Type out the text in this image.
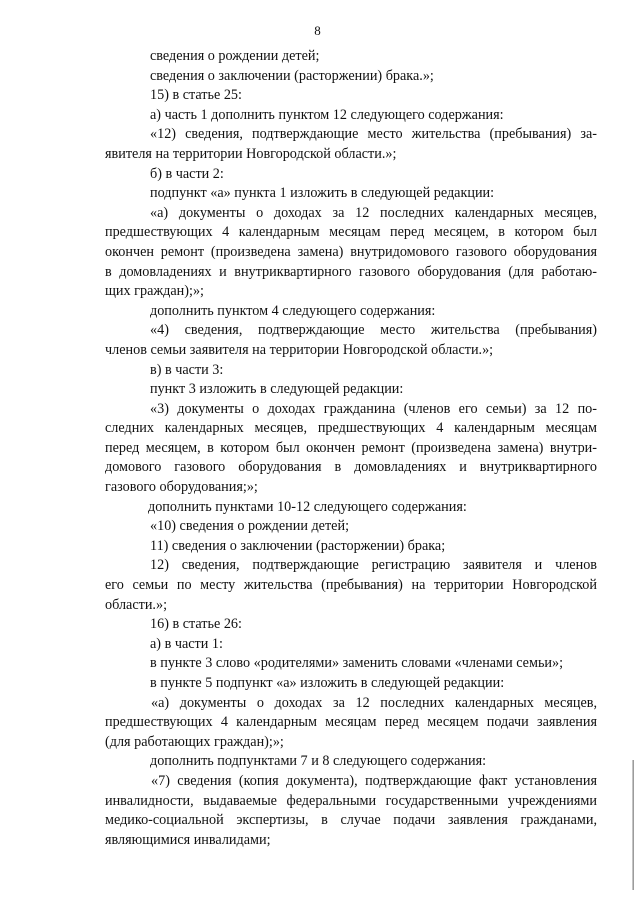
8
сведения о рождении детей;
сведения о заключении (расторжении) брака.»;
15) в статье 25:
а) часть 1 дополнить пунктом 12 следующего содержания:
«12) сведения, подтверждающие место жительства (пребывания) за-
явителя на территории Новгородской области.»;
б) в части 2:
подпункт «а» пункта 1 изложить в следующей редакции:
«а) документы о доходах за 12 последних календарных месяцев,
предшествующих 4 календарным месяцам перед месяцем, в котором был
окончен ремонт (произведена замена) внутридомового газового оборудования
в домовладениях и внутриквартирного газового оборудования (для работаю-
щих граждан);»;
дополнить пунктом 4 следующего содержания:
«4) сведения, подтверждающие место жительства (пребывания)
членов семьи заявителя на территории Новгородской области.»;
в) в части 3:
пункт 3 изложить в следующей редакции:
«3) документы о доходах гражданина (членов его семьи) за 12 по-
следних календарных месяцев, предшествующих 4 календарным месяцам
перед месяцем, в котором был окончен ремонт (произведена замена) внутри-
домового газового оборудования в домовладениях и внутриквартирного
газового оборудования;»;
дополнить пунктами 10-12 следующего содержания:
«10) сведения о рождении детей;
11) сведения о заключении (расторжении) брака;
12) сведения, подтверждающие регистрацию заявителя и членов
его семьи по месту жительства (пребывания) на территории Новгородской
области.»;
16) в статье 26:
а) в части 1:
в пункте 3 слово «родителями» заменить словами «членами семьи»;
в пункте 5 подпункт «а» изложить в следующей редакции:
«а) документы о доходах за 12 последних календарных месяцев,
предшествующих 4 календарным месяцам перед месяцем подачи заявления
(для работающих граждан);»;
дополнить подпунктами 7 и 8 следующего содержания:
«7) сведения (копия документа), подтверждающие факт установления
инвалидности, выдаваемые федеральными государственными учреждениями
медико-социальной экспертизы, в случае подачи заявления гражданами,
являющимися инвалидами;
